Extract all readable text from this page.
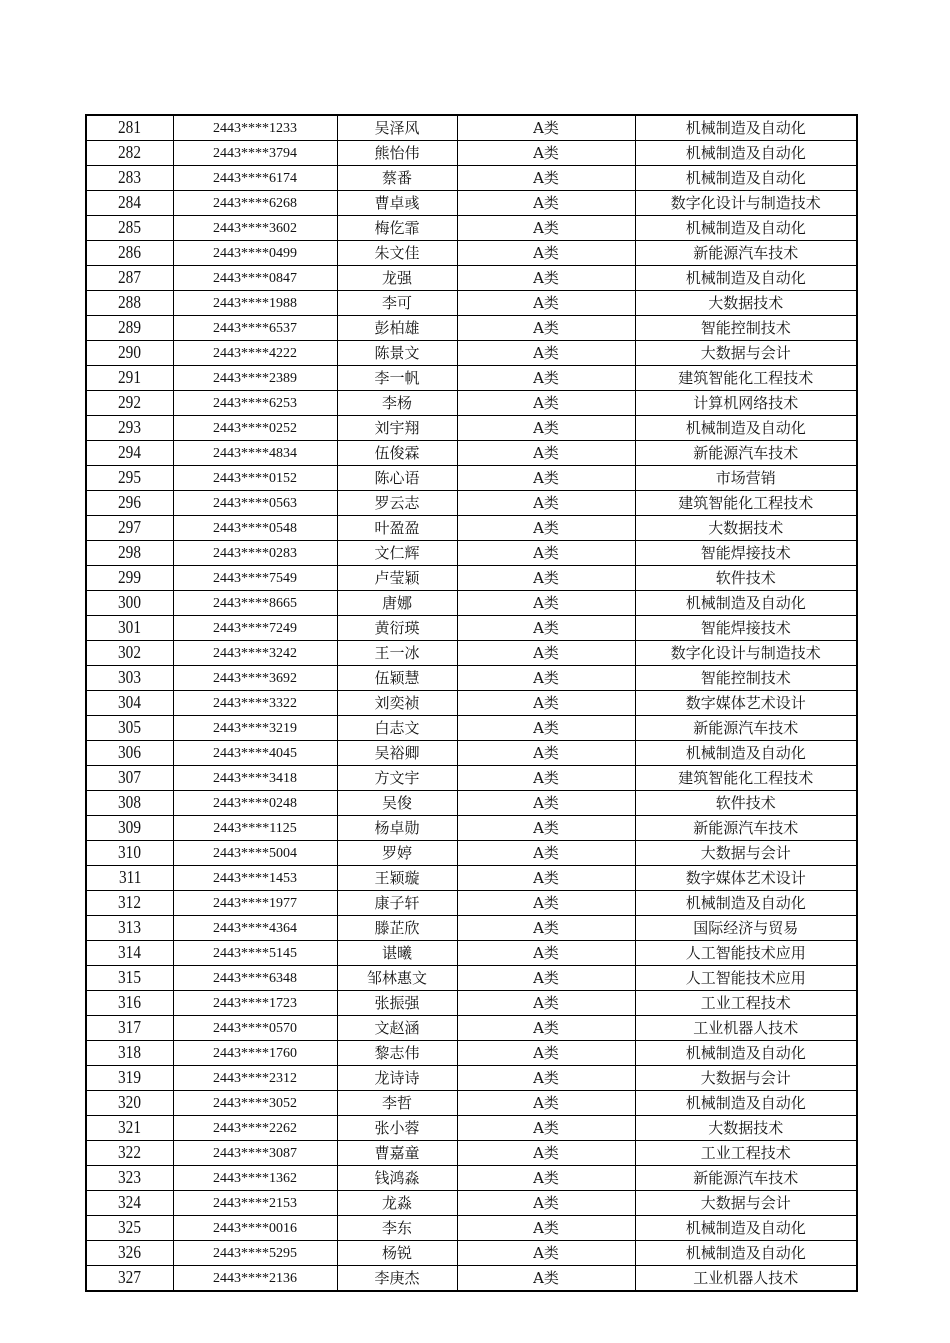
281	2443****1233	吴泽风	A类	机械制造及自动化
282	2443****3794	熊怡伟	A类	机械制造及自动化
283	2443****6174	蔡番	A类	机械制造及自动化
284	2443****6268	曹卓彧	A类	数字化设计与制造技术
285	2443****3602	梅仡霏	A类	机械制造及自动化
286	2443****0499	朱文佳	A类	新能源汽车技术
287	2443****0847	龙强	A类	机械制造及自动化
288	2443****1988	李可	A类	大数据技术
289	2443****6537	彭柏雄	A类	智能控制技术
290	2443****4222	陈景文	A类	大数据与会计
291	2443****2389	李一帆	A类	建筑智能化工程技术
292	2443****6253	李杨	A类	计算机网络技术
293	2443****0252	刘宇翔	A类	机械制造及自动化
294	2443****4834	伍俊霖	A类	新能源汽车技术
295	2443****0152	陈心语	A类	市场营销
296	2443****0563	罗云志	A类	建筑智能化工程技术
297	2443****0548	叶盈盈	A类	大数据技术
298	2443****0283	文仁辉	A类	智能焊接技术
299	2443****7549	卢莹颖	A类	软件技术
300	2443****8665	唐娜	A类	机械制造及自动化
301	2443****7249	黄衍瑛	A类	智能焊接技术
302	2443****3242	王一冰	A类	数字化设计与制造技术
303	2443****3692	伍颖慧	A类	智能控制技术
304	2443****3322	刘奕祯	A类	数字媒体艺术设计
305	2443****3219	白志文	A类	新能源汽车技术
306	2443****4045	吴裕卿	A类	机械制造及自动化
307	2443****3418	方文宇	A类	建筑智能化工程技术
308	2443****0248	吴俊	A类	软件技术
309	2443****1125	杨卓勋	A类	新能源汽车技术
310	2443****5004	罗婷	A类	大数据与会计
311	2443****1453	王颖璇	A类	数字媒体艺术设计
312	2443****1977	康子轩	A类	机械制造及自动化
313	2443****4364	滕芷欣	A类	国际经济与贸易
314	2443****5145	谌曦	A类	人工智能技术应用
315	2443****6348	邹林惠文	A类	人工智能技术应用
316	2443****1723	张振强	A类	工业工程技术
317	2443****0570	文赵涵	A类	工业机器人技术
318	2443****1760	黎志伟	A类	机械制造及自动化
319	2443****2312	龙诗诗	A类	大数据与会计
320	2443****3052	李哲	A类	机械制造及自动化
321	2443****2262	张小蓉	A类	大数据技术
322	2443****3087	曹嘉童	A类	工业工程技术
323	2443****1362	钱鸿淼	A类	新能源汽车技术
324	2443****2153	龙淼	A类	大数据与会计
325	2443****0016	李东	A类	机械制造及自动化
326	2443****5295	杨锐	A类	机械制造及自动化
327	2443****2136	李庚杰	A类	工业机器人技术
